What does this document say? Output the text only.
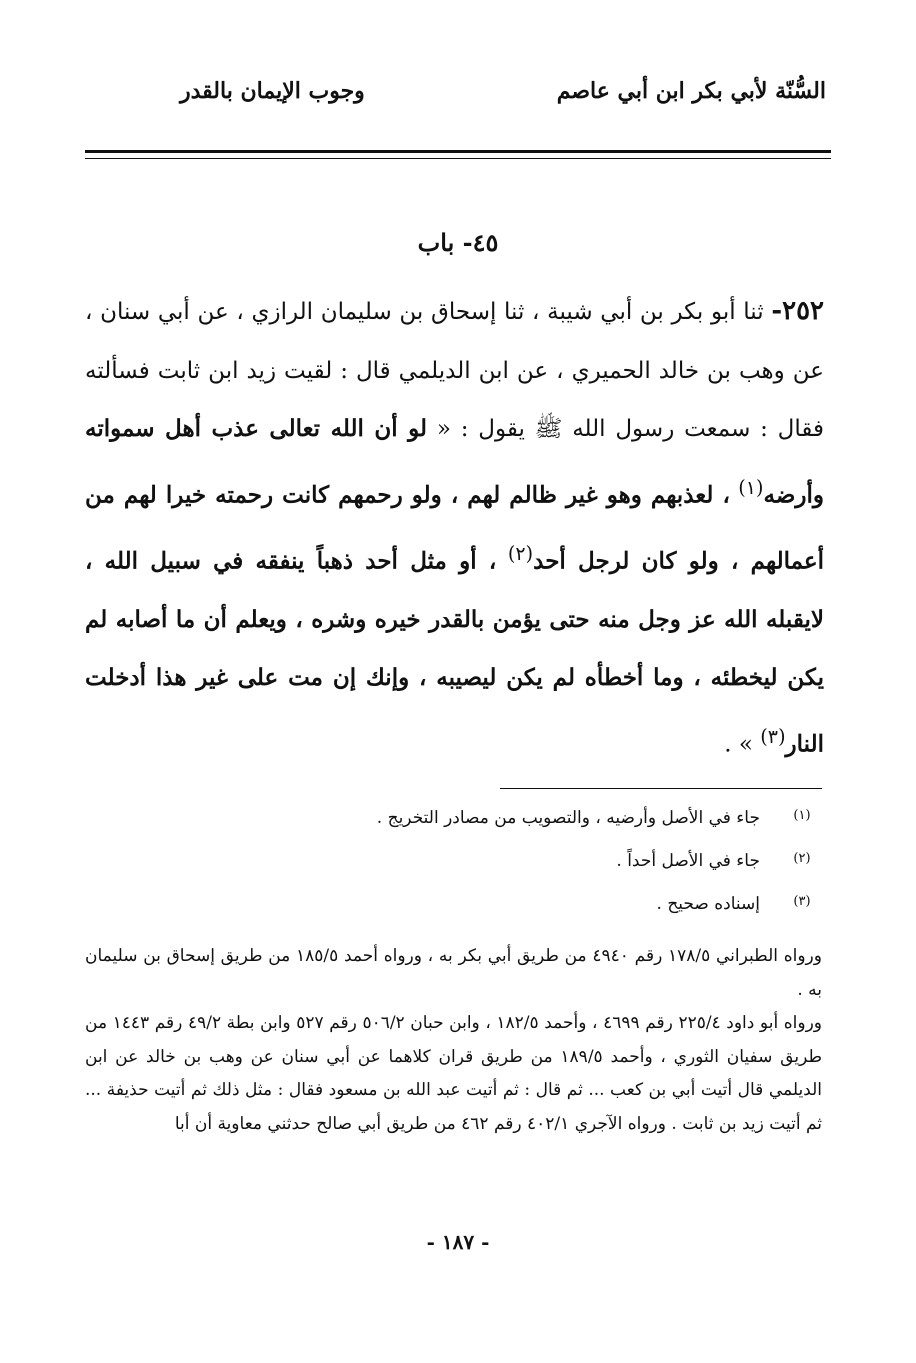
السُّنّة لأبي بكر ابن أبي عاصم
وجوب الإيمان بالقدر
٤٥- باب
٢٥٢- ثنا أبو بكر بن أبي شيبة ، ثنا إسحاق بن سليمان الرازي ، عن أبي سنان ، عن وهب بن خالد الحميري ، عن ابن الديلمي قال : لقيت زيد ابن ثابت فسألته فقال : سمعت رسول الله ﷺ يقول : « لو أن الله تعالى عذب أهل سمواته وأرضه$^{(١)}$ ، لعذبهم وهو غير ظالم لهم ، ولو رحمهم كانت رحمته خيرا لهم من أعمالهم ، ولو كان لرجل أحد$^{(٢)}$ ، أو مثل أحد ذهباً ينفقه في سبيل الله ، لايقبله الله عز وجل منه حتى يؤمن بالقدر خيره وشره ، ويعلم أن ما أصابه لم يكن ليخطئه ، وما أخطأه لم يكن ليصيبه ، وإنك إن مت على غير هذا أدخلت النار$^{(٣)}$ » .
(١)
جاء في الأصل وأرضيه ، والتصويب من مصادر التخريج .
(٢)
جاء في الأصل أحداً .
(٣)
إسناده صحيح .
ورواه الطبراني ١٧٨/٥ رقم ٤٩٤٠ من طريق أبي بكر به ، ورواه أحمد ١٨٥/٥ من طريق إسحاق بن سليمان به .
ورواه أبو داود ٢٢٥/٤ رقم ٤٦٩٩ ، وأحمد ١٨٢/٥ ، وابن حبان ٥٠٦/٢ رقم ٥٢٧ وابن بطة ٤٩/٢ رقم ١٤٤٣ من طريق سفيان الثوري ، وأحمد ١٨٩/٥ من طريق قران كلاهما عن أبي سنان عن وهب بن خالد عن ابن الديلمي قال أتيت أبي بن كعب ... ثم قال : ثم أتيت عبد الله بن مسعود فقال : مثل ذلك ثم أتيت حذيفة ... ثم أتيت زيد بن ثابت . ورواه الآجري ٤٠٢/١ رقم ٤٦٢ من طريق أبي صالح حدثني معاوية أن أبا
- ١٨٧ -
